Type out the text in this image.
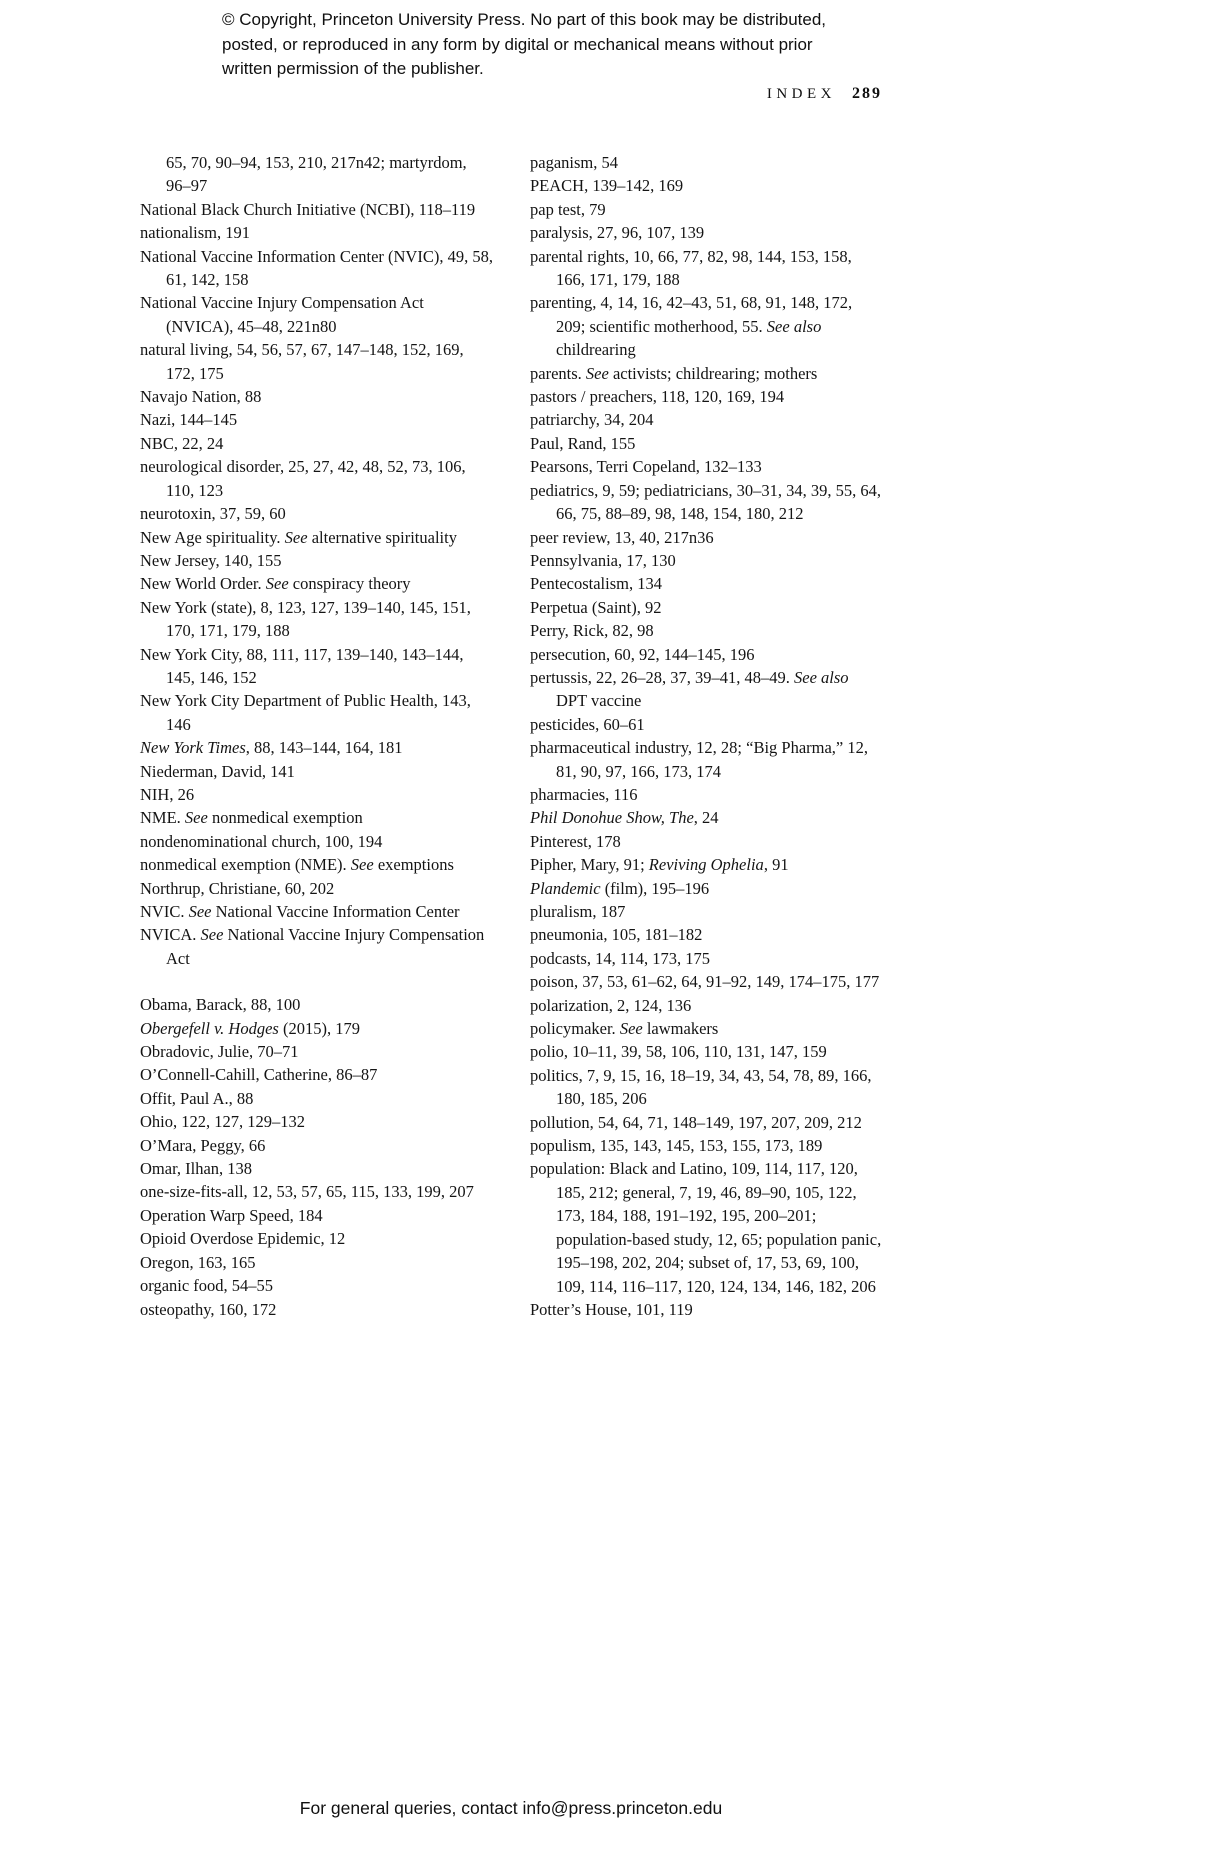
© Copyright, Princeton University Press. No part of this book may be distributed, posted, or reproduced in any form by digital or mechanical means without prior written permission of the publisher.
INDEX 289

65, 70, 90–94, 153, 210, 217n42; martyrdom, 96–97

National Black Church Initiative (NCBI), 118–119

nationalism, 191

National Vaccine Information Center (NVIC), 49, 58, 61, 142, 158

National Vaccine Injury Compensation Act (NVICA), 45–48, 221n80

natural living, 54, 56, 57, 67, 147–148, 152, 169, 172, 175

Navajo Nation, 88

Nazi, 144–145

NBC, 22, 24

neurological disorder, 25, 27, 42, 48, 52, 73, 106, 110, 123

neurotoxin, 37, 59, 60

New Age spirituality. See alternative spirituality

New Jersey, 140, 155

New World Order. See conspiracy theory

New York (state), 8, 123, 127, 139–140, 145, 151, 170, 171, 179, 188

New York City, 88, 111, 117, 139–140, 143–144, 145, 146, 152

New York City Department of Public Health, 143, 146

New York Times, 88, 143–144, 164, 181

Niederman, David, 141

NIH, 26

NME. See nonmedical exemption

nondenominational church, 100, 194

nonmedical exemption (NME). See exemptions

Northrup, Christiane, 60, 202

NVIC. See National Vaccine Information Center

NVICA. See National Vaccine Injury Compensation Act

Obama, Barack, 88, 100

Obergefell v. Hodges (2015), 179

Obradovic, Julie, 70–71

O’Connell-Cahill, Catherine, 86–87

Offit, Paul A., 88

Ohio, 122, 127, 129–132

O’Mara, Peggy, 66

Omar, Ilhan, 138

one-size-fits-all, 12, 53, 57, 65, 115, 133, 199, 207

Operation Warp Speed, 184

Opioid Overdose Epidemic, 12

Oregon, 163, 165

organic food, 54–55

osteopathy, 160, 172

paganism, 54

PEACH, 139–142, 169

pap test, 79

paralysis, 27, 96, 107, 139

parental rights, 10, 66, 77, 82, 98, 144, 153, 158, 166, 171, 179, 188

parenting, 4, 14, 16, 42–43, 51, 68, 91, 148, 172, 209; scientific motherhood, 55. See also childrearing

parents. See activists; childrearing; mothers

pastors / preachers, 118, 120, 169, 194

patriarchy, 34, 204

Paul, Rand, 155

Pearsons, Terri Copeland, 132–133

pediatrics, 9, 59; pediatricians, 30–31, 34, 39, 55, 64, 66, 75, 88–89, 98, 148, 154, 180, 212

peer review, 13, 40, 217n36

Pennsylvania, 17, 130

Pentecostalism, 134

Perpetua (Saint), 92

Perry, Rick, 82, 98

persecution, 60, 92, 144–145, 196

pertussis, 22, 26–28, 37, 39–41, 48–49. See also DPT vaccine

pesticides, 60–61

pharmaceutical industry, 12, 28; “Big Pharma,” 12, 81, 90, 97, 166, 173, 174

pharmacies, 116

Phil Donohue Show, The, 24

Pinterest, 178

Pipher, Mary, 91; Reviving Ophelia, 91

Plandemic (film), 195–196

pluralism, 187

pneumonia, 105, 181–182

podcasts, 14, 114, 173, 175

poison, 37, 53, 61–62, 64, 91–92, 149, 174–175, 177

polarization, 2, 124, 136

policymaker. See lawmakers

polio, 10–11, 39, 58, 106, 110, 131, 147, 159

politics, 7, 9, 15, 16, 18–19, 34, 43, 54, 78, 89, 166, 180, 185, 206

pollution, 54, 64, 71, 148–149, 197, 207, 209, 212

populism, 135, 143, 145, 153, 155, 173, 189

population: Black and Latino, 109, 114, 117, 120, 185, 212; general, 7, 19, 46, 89–90, 105, 122, 173, 184, 188, 191–192, 195, 200–201; population-based study, 12, 65; population panic, 195–198, 202, 204; subset of, 17, 53, 69, 100, 109, 114, 116–117, 120, 124, 134, 146, 182, 206

Potter’s House, 101, 119

For general queries, contact info@press.princeton.edu
